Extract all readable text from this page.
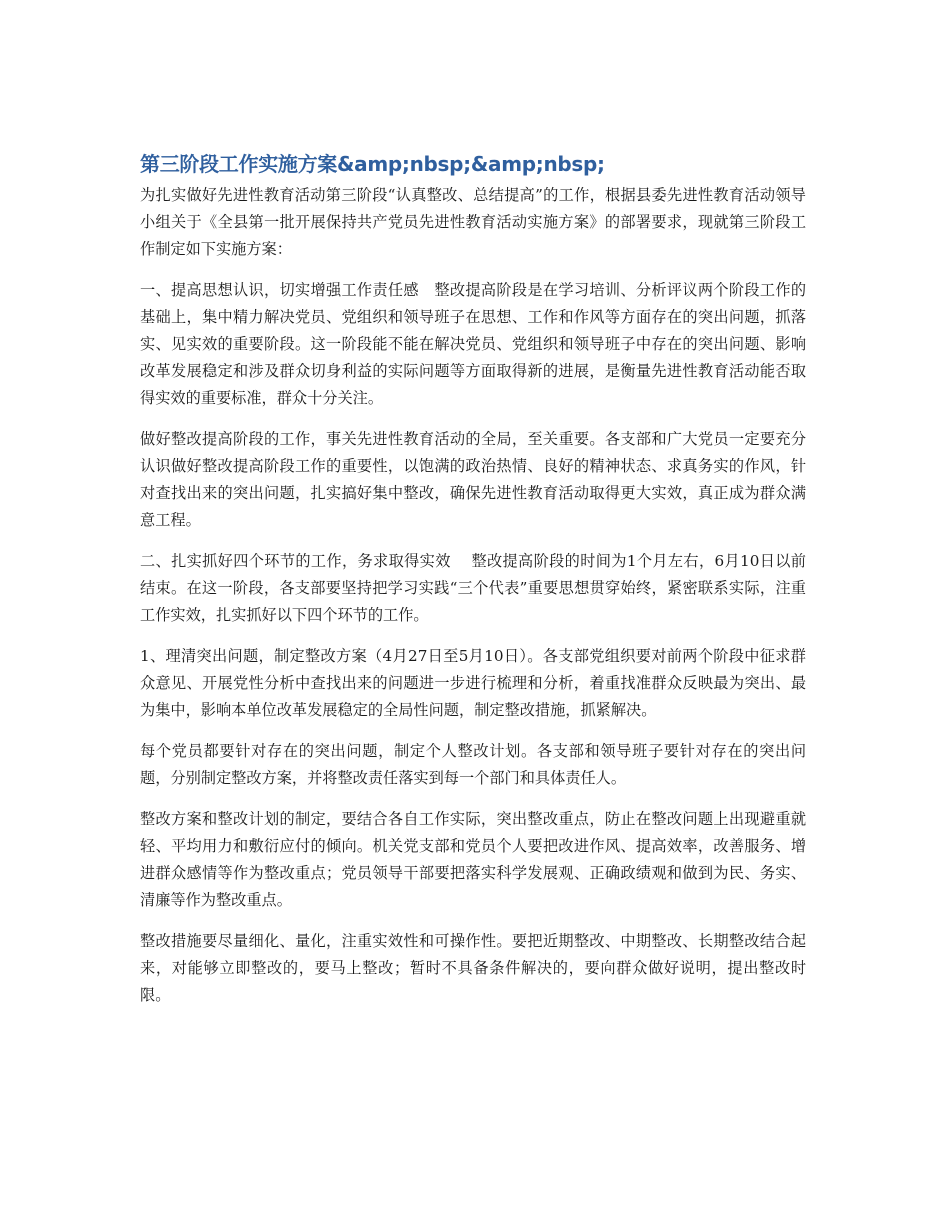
第三阶段工作实施方案&amp;nbsp;&amp;nbsp;

为扎实做好先进性教育活动第三阶段“认真整改、总结提高”的工作，根据县委先进性教育活动领导小组关于《全县第一批开展保持共产党员先进性教育活动实施方案》的部署要求，现就第三阶段工作制定如下实施方案：

一、提高思想认识，切实增强工作责任感　整改提高阶段是在学习培训、分析评议两个阶段工作的基础上，集中精力解决党员、党组织和领导班子在思想、工作和作风等方面存在的突出问题，抓落实、见实效的重要阶段。这一阶段能不能在解决党员、党组织和领导班子中存在的突出问题、影响改革发展稳定和涉及群众切身利益的实际问题等方面取得新的进展，是衡量先进性教育活动能否取得实效的重要标准，群众十分关注。

做好整改提高阶段的工作，事关先进性教育活动的全局，至关重要。各支部和广大党员一定要充分认识做好整改提高阶段工作的重要性，以饱满的政治热情、良好的精神状态、求真务实的作风，针对查找出来的突出问题，扎实搞好集中整改，确保先进性教育活动取得更大实效，真正成为群众满意工程。

二、扎实抓好四个环节的工作，务求取得实效　 整改提高阶段的时间为1个月左右，6月10日以前结束。在这一阶段，各支部要坚持把学习实践“三个代表”重要思想贯穿始终，紧密联系实际，注重工作实效，扎实抓好以下四个环节的工作。

1、理清突出问题，制定整改方案（4月27日至5月10日）。各支部党组织要对前两个阶段中征求群众意见、开展党性分析中查找出来的问题进一步进行梳理和分析，着重找准群众反映最为突出、最为集中，影响本单位改革发展稳定的全局性问题，制定整改措施，抓紧解决。

每个党员都要针对存在的突出问题，制定个人整改计划。各支部和领导班子要针对存在的突出问题，分别制定整改方案，并将整改责任落实到每一个部门和具体责任人。

整改方案和整改计划的制定，要结合各自工作实际，突出整改重点，防止在整改问题上出现避重就轻、平均用力和敷衍应付的倾向。机关党支部和党员个人要把改进作风、提高效率，改善服务、增进群众感情等作为整改重点；党员领导干部要把落实科学发展观、正确政绩观和做到为民、务实、清廉等作为整改重点。

整改措施要尽量细化、量化，注重实效性和可操作性。要把近期整改、中期整改、长期整改结合起来，对能够立即整改的，要马上整改；暂时不具备条件解决的，要向群众做好说明，提出整改时限。
